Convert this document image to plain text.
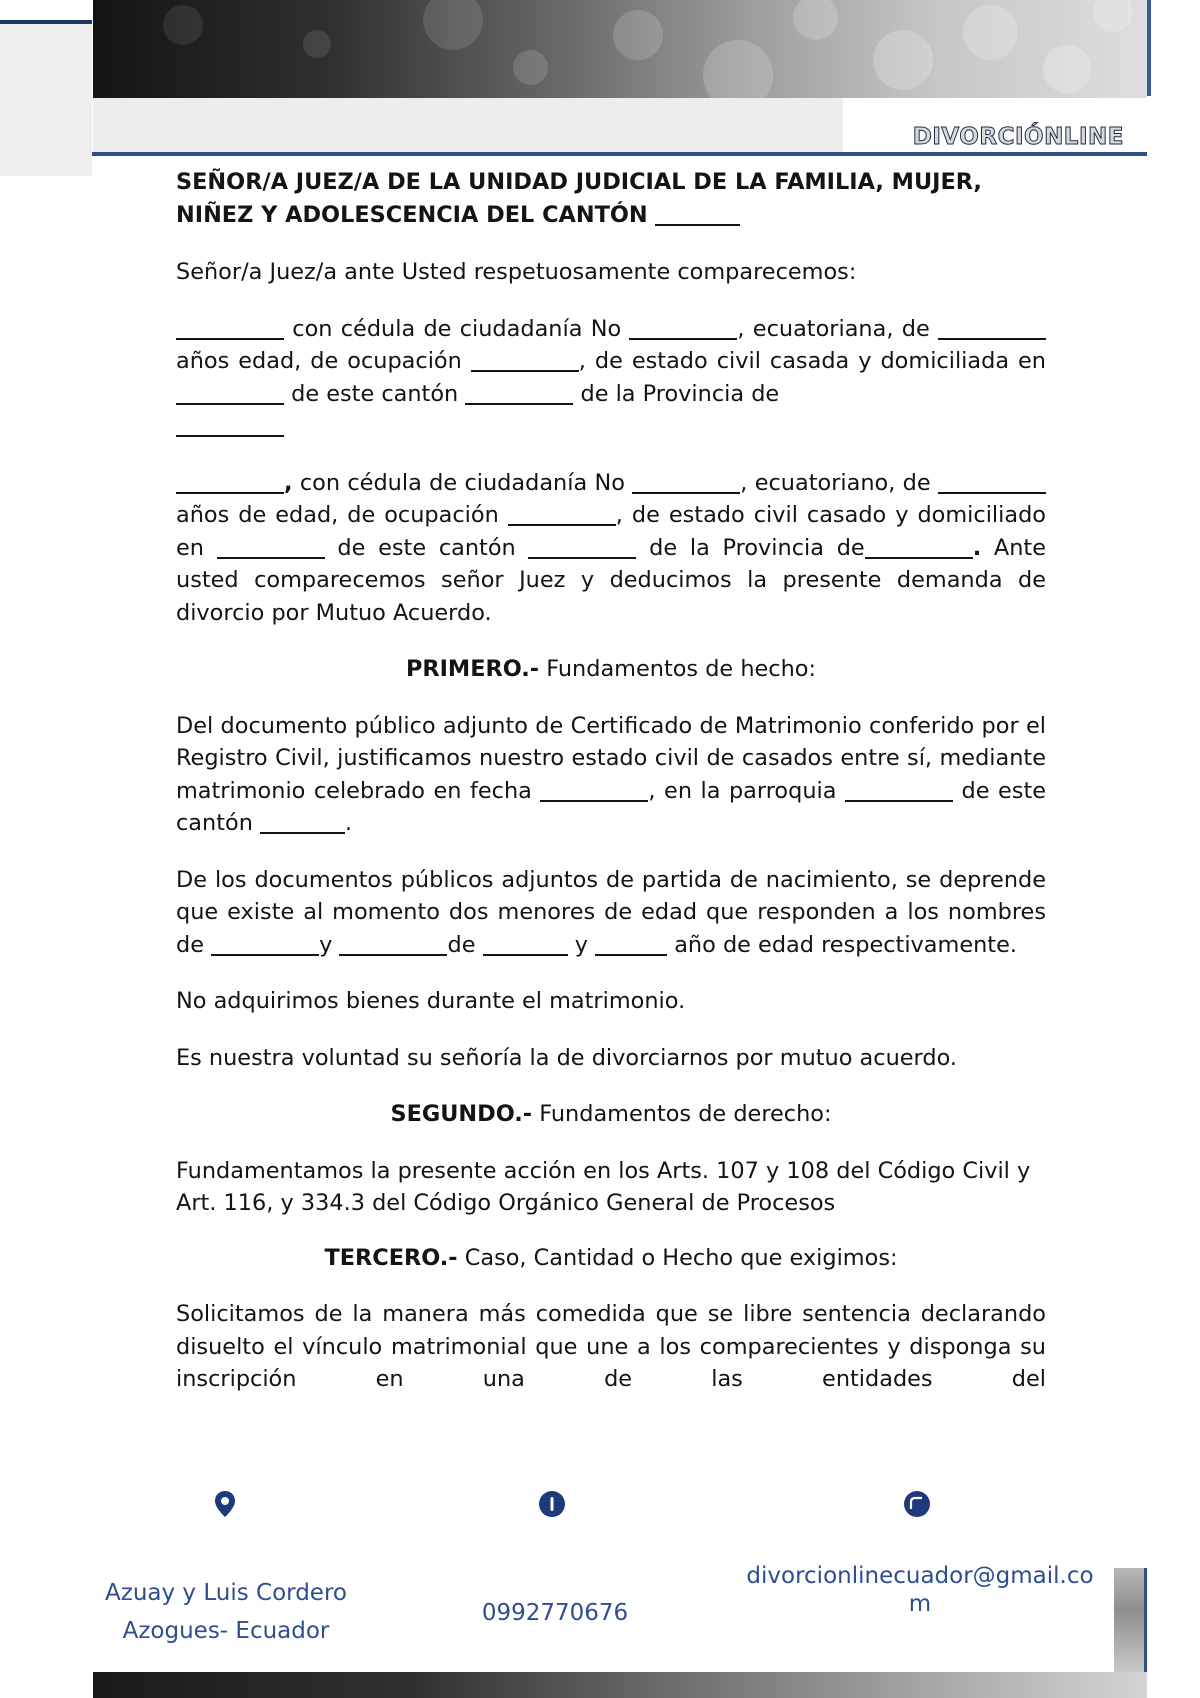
DIVORCIÓNLINE

SEÑOR/A JUEZ/A DE LA UNIDAD JUDICIAL DE LA FAMILIA, MUJER, NIÑEZ Y ADOLESCENCIA DEL CANTÓN

Señor/a Juez/a ante Usted respetuosamente comparecemos:

con cédula de ciudadanía No	, ecuatoriana, de  años edad, de ocupación	, de estado civil casada y domiciliada en  de este cantón	de la Provincia de

, con cédula de ciudadanía No	, ecuatoriano, de  años de edad, de ocupación	, de estado civil casado y domiciliado en	de este cantón	de la Provincia de	. Ante usted comparecemos señor Juez y deducimos la presente demanda de divorcio por Mutuo Acuerdo.

PRIMERO.- Fundamentos de hecho:

Del documento público adjunto de Certificado de Matrimonio conferido por el Registro Civil, justificamos nuestro estado civil de casados entre sí, mediante matrimonio celebrado en fecha	, en la parroquia	de este cantón	.

De los documentos públicos adjuntos de partida de nacimiento, se deprende que existe al momento dos menores de edad que responden a los nombres de	y	de	y	año de edad respectivamente.

No adquirimos bienes durante el matrimonio.

Es nuestra voluntad su señoría la de divorciarnos por mutuo acuerdo.

SEGUNDO.- Fundamentos de derecho:

Fundamentamos la presente acción en los Arts. 107 y 108 del Código Civil y Art. 116, y 334.3 del Código Orgánico General de Procesos

TERCERO.- Caso, Cantidad o Hecho que exigimos:

Solicitamos de la manera más comedida que se libre sentencia declarando disuelto el vínculo matrimonial que une a los comparecientes y disponga su inscripción en una de las entidades del

Azuay y Luis Cordero
Azogues- Ecuador
0992770676
divorcionlinecuador@gmail.co
m
